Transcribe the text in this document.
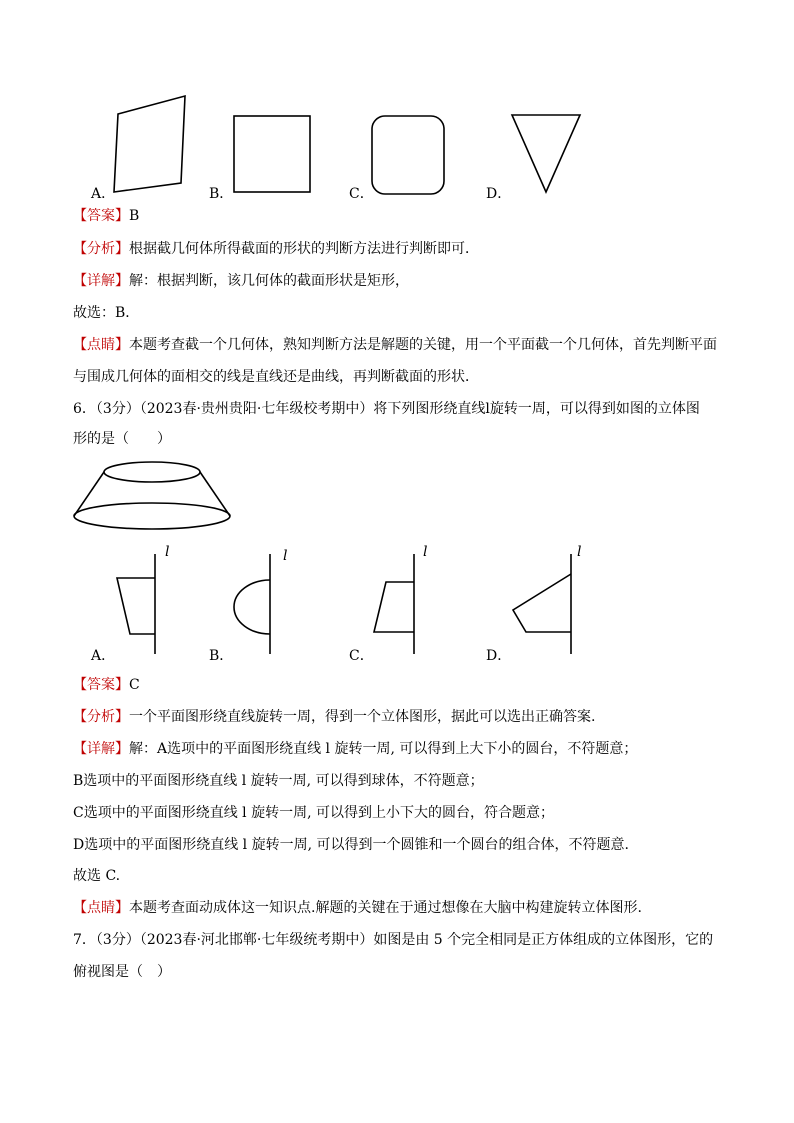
A．	B．	C．	D．
【答案】B
【分析】根据截几何体所得截面的形状的判断方法进行判断即可．
【详解】解：根据判断，该几何体的截面形状是矩形，
故选：B．
【点睛】本题考查截一个几何体，熟知判断方法是解题的关键，用一个平面截一个几何体，首先判断平面
与围成几何体的面相交的线是直线还是曲线，再判断截面的形状．
6．（3分）（2023春·贵州贵阳·七年级校考期中）将下列图形绕直线l旋转一周，可以得到如图的立体图
形的是（　　）
l	l	l	l
A．	B．	C．	D．
【答案】C
【分析】一个平面图形绕直线旋转一周，得到一个立体图形，据此可以选出正确答案.
【详解】解：A选项中的平面图形绕直线 l 旋转一周, 可以得到上大下小的圆台，不符题意；
B选项中的平面图形绕直线 l 旋转一周, 可以得到球体，不符题意；
C选项中的平面图形绕直线 l 旋转一周, 可以得到上小下大的圆台，符合题意；
D选项中的平面图形绕直线 l 旋转一周, 可以得到一个圆锥和一个圆台的组合体，不符题意.
故选 C.
【点睛】本题考查面动成体这一知识点.解题的关键在于通过想像在大脑中构建旋转立体图形.
7．（3分）（2023春·河北邯郸·七年级统考期中）如图是由 5 个完全相同是正方体组成的立体图形，它的
俯视图是（　）
